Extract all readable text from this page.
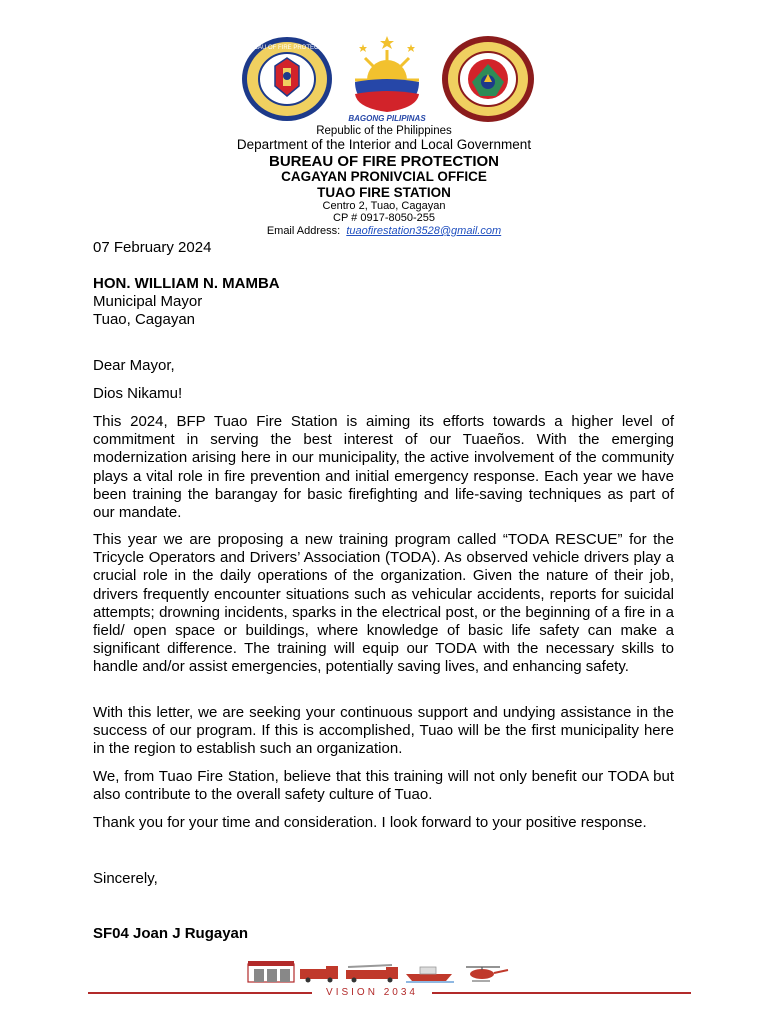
BUREAU OF FIRE PROTECTION
BAGONG PILIPINAS
Republic of the Philippines
Department of the Interior and Local Government
BUREAU OF FIRE PROTECTION
CAGAYAN PRONIVCIAL OFFICE
TUAO FIRE STATION
Centro 2, Tuao, Cagayan
CP # 0917-8050-255
Email Address: tuaofirestation3528@gmail.com
07 February 2024
HON. WILLIAM N. MAMBA
Municipal Mayor
Tuao, Cagayan
Dear Mayor,
Dios Nikamu!

This 2024, BFP Tuao Fire Station is aiming its efforts towards a higher level of commitment in serving the best interest of our Tuaeños. With the emerging modernization arising here in our municipality, the active involvement of the community plays a vital role in fire prevention and initial emergency response. Each year we have been training the barangay for basic firefighting and life-saving techniques as part of our mandate.

This year we are proposing a new training program called “TODA RESCUE” for the Tricycle Operators and Drivers’ Association (TODA). As observed vehicle drivers play a crucial role in the daily operations of the organization. Given the nature of their job, drivers frequently encounter situations such as vehicular accidents, reports for suicidal attempts; drowning incidents, sparks in the electrical post, or the beginning of a fire in a field/ open space or buildings, where knowledge of basic life safety can make a significant difference. The training will equip our TODA with the necessary skills to handle and/or assist emergencies, potentially saving lives, and enhancing safety.

With this letter, we are seeking your continuous support and undying assistance in the success of our program. If this is accomplished, Tuao will be the first municipality here in the region to establish such an organization.

We, from Tuao Fire Station, believe that this training will not only benefit our TODA but also contribute to the overall safety culture of Tuao.

Thank you for your time and consideration. I look forward to your positive response.

Sincerely,
SF04 Joan J Rugayan
VISION 2034
